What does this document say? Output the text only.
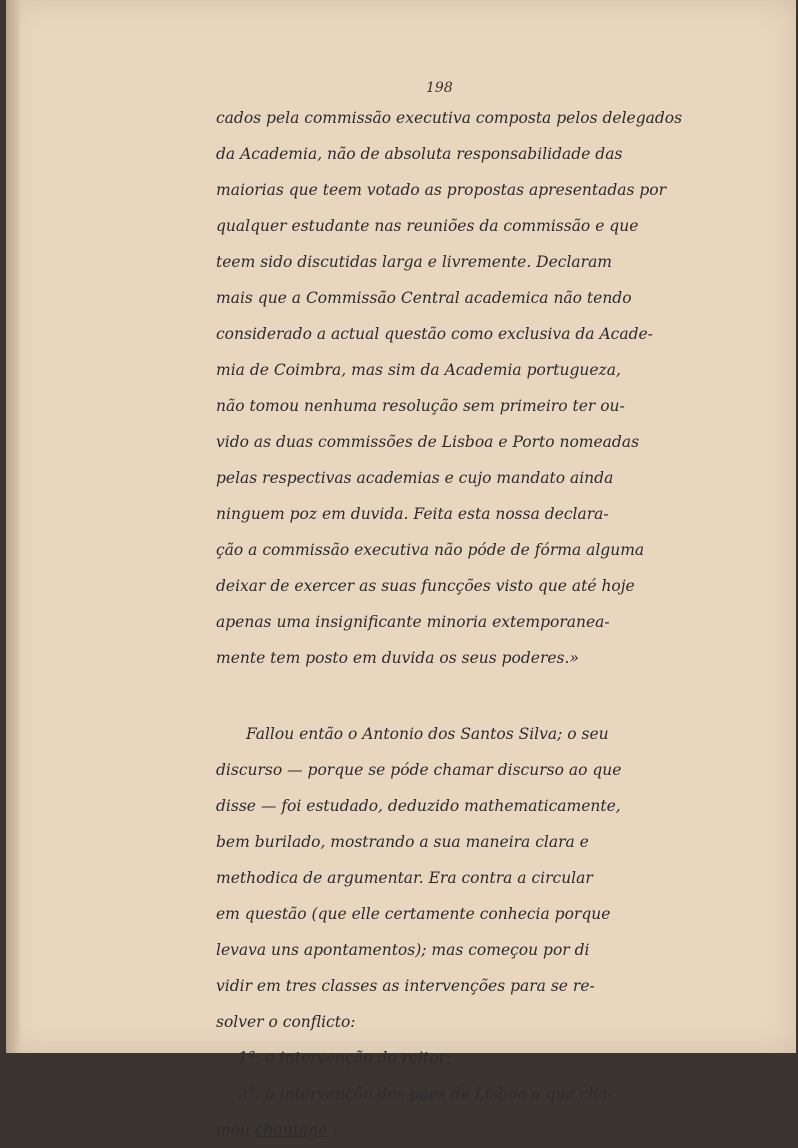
198
cados pela commissão executiva composta pelos delegados
da Academia, não de absoluta responsabilidade das
maiorias que teem votado as propostas apresentadas por
qualquer estudante nas reuniões da commissão e que
teem sido discutidas larga e livremente. Declaram
mais que a Commissão Central academica não tendo
considerado a actual questão como exclusiva da Acade-
mia de Coimbra, mas sim da Academia portugueza,
não tomou nenhuma resolução sem primeiro ter ou-
vido as duas commissões de Lisboa e Porto nomeadas
pelas respectivas academias e cujo mandato ainda
ninguem poz em duvida. Feita esta nossa declara-
ção a commissão executiva não póde de fórma alguma
deixar de exercer as suas funcções visto que até hoje
apenas uma insignificante minoria extemporanea-
mente tem posto em duvida os seus poderes.»
Fallou então o Antonio dos Santos Silva; o seu
discurso — porque se póde chamar discurso ao que
disse — foi estudado, deduzido mathematicamente,
bem burilado, mostrando a sua maneira clara e
methodica de argumentar. Era contra a circular
em questão (que elle certamente conhecia porque
levava uns apontamentos); mas começou por di
vidir em tres classes as intervenções para se re-
solver o conflicto:
1ª: a intervenção do reitor;
2ª: a intervenção dos paes de Lisboa a que cha-
mou chantage ;
